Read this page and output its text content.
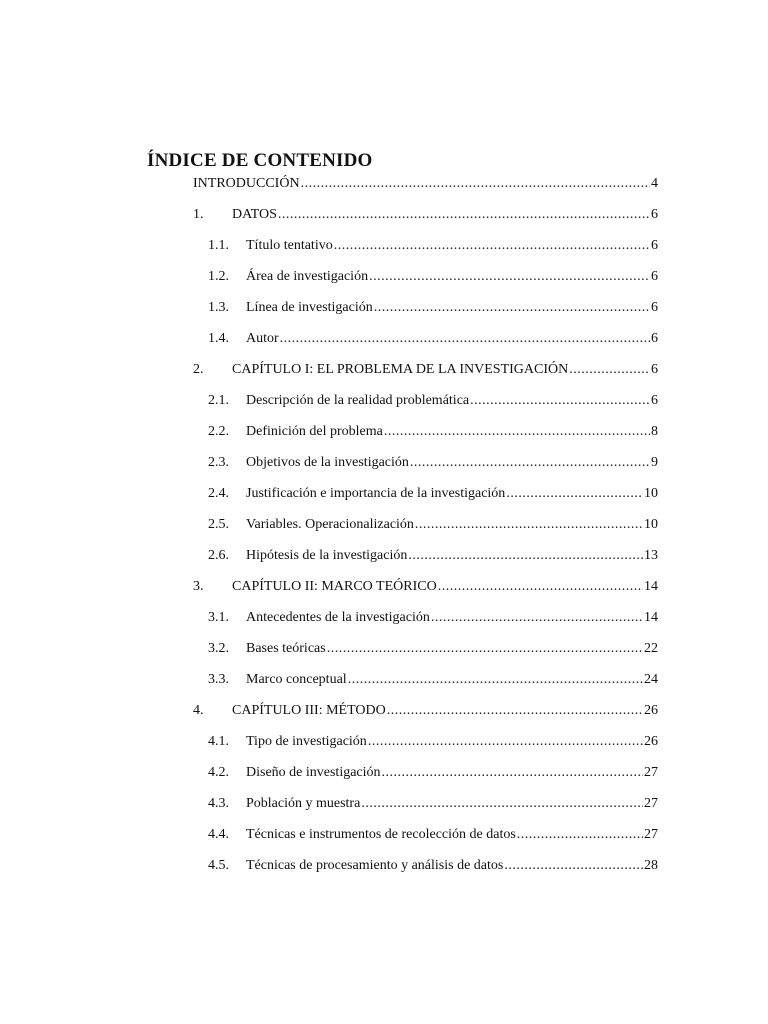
ÍNDICE DE CONTENIDO
INTRODUCCIÓN .....	4
1. DATOS .....	6
1.1. Título tentativo .....	6
1.2. Área de investigación .....	6
1.3. Línea de investigación .....	6
1.4. Autor .....	6
2. CAPÍTULO I: EL PROBLEMA DE LA INVESTIGACIÓN .....	6
2.1. Descripción de la realidad problemática .....	6
2.2. Definición del problema .....	8
2.3. Objetivos de la investigación .....	9
2.4. Justificación e importancia de la investigación .....	10
2.5. Variables. Operacionalización .....	10
2.6. Hipótesis de la investigación .....	13
3. CAPÍTULO II: MARCO TEÓRICO .....	14
3.1. Antecedentes de la investigación .....	14
3.2. Bases teóricas .....	22
3.3. Marco conceptual .....	24
4. CAPÍTULO III: MÉTODO .....	26
4.1. Tipo de investigación .....	26
4.2. Diseño de investigación .....	27
4.3. Población y muestra .....	27
4.4. Técnicas e instrumentos de recolección de datos .....	27
4.5. Técnicas de procesamiento y análisis de datos .....	28
